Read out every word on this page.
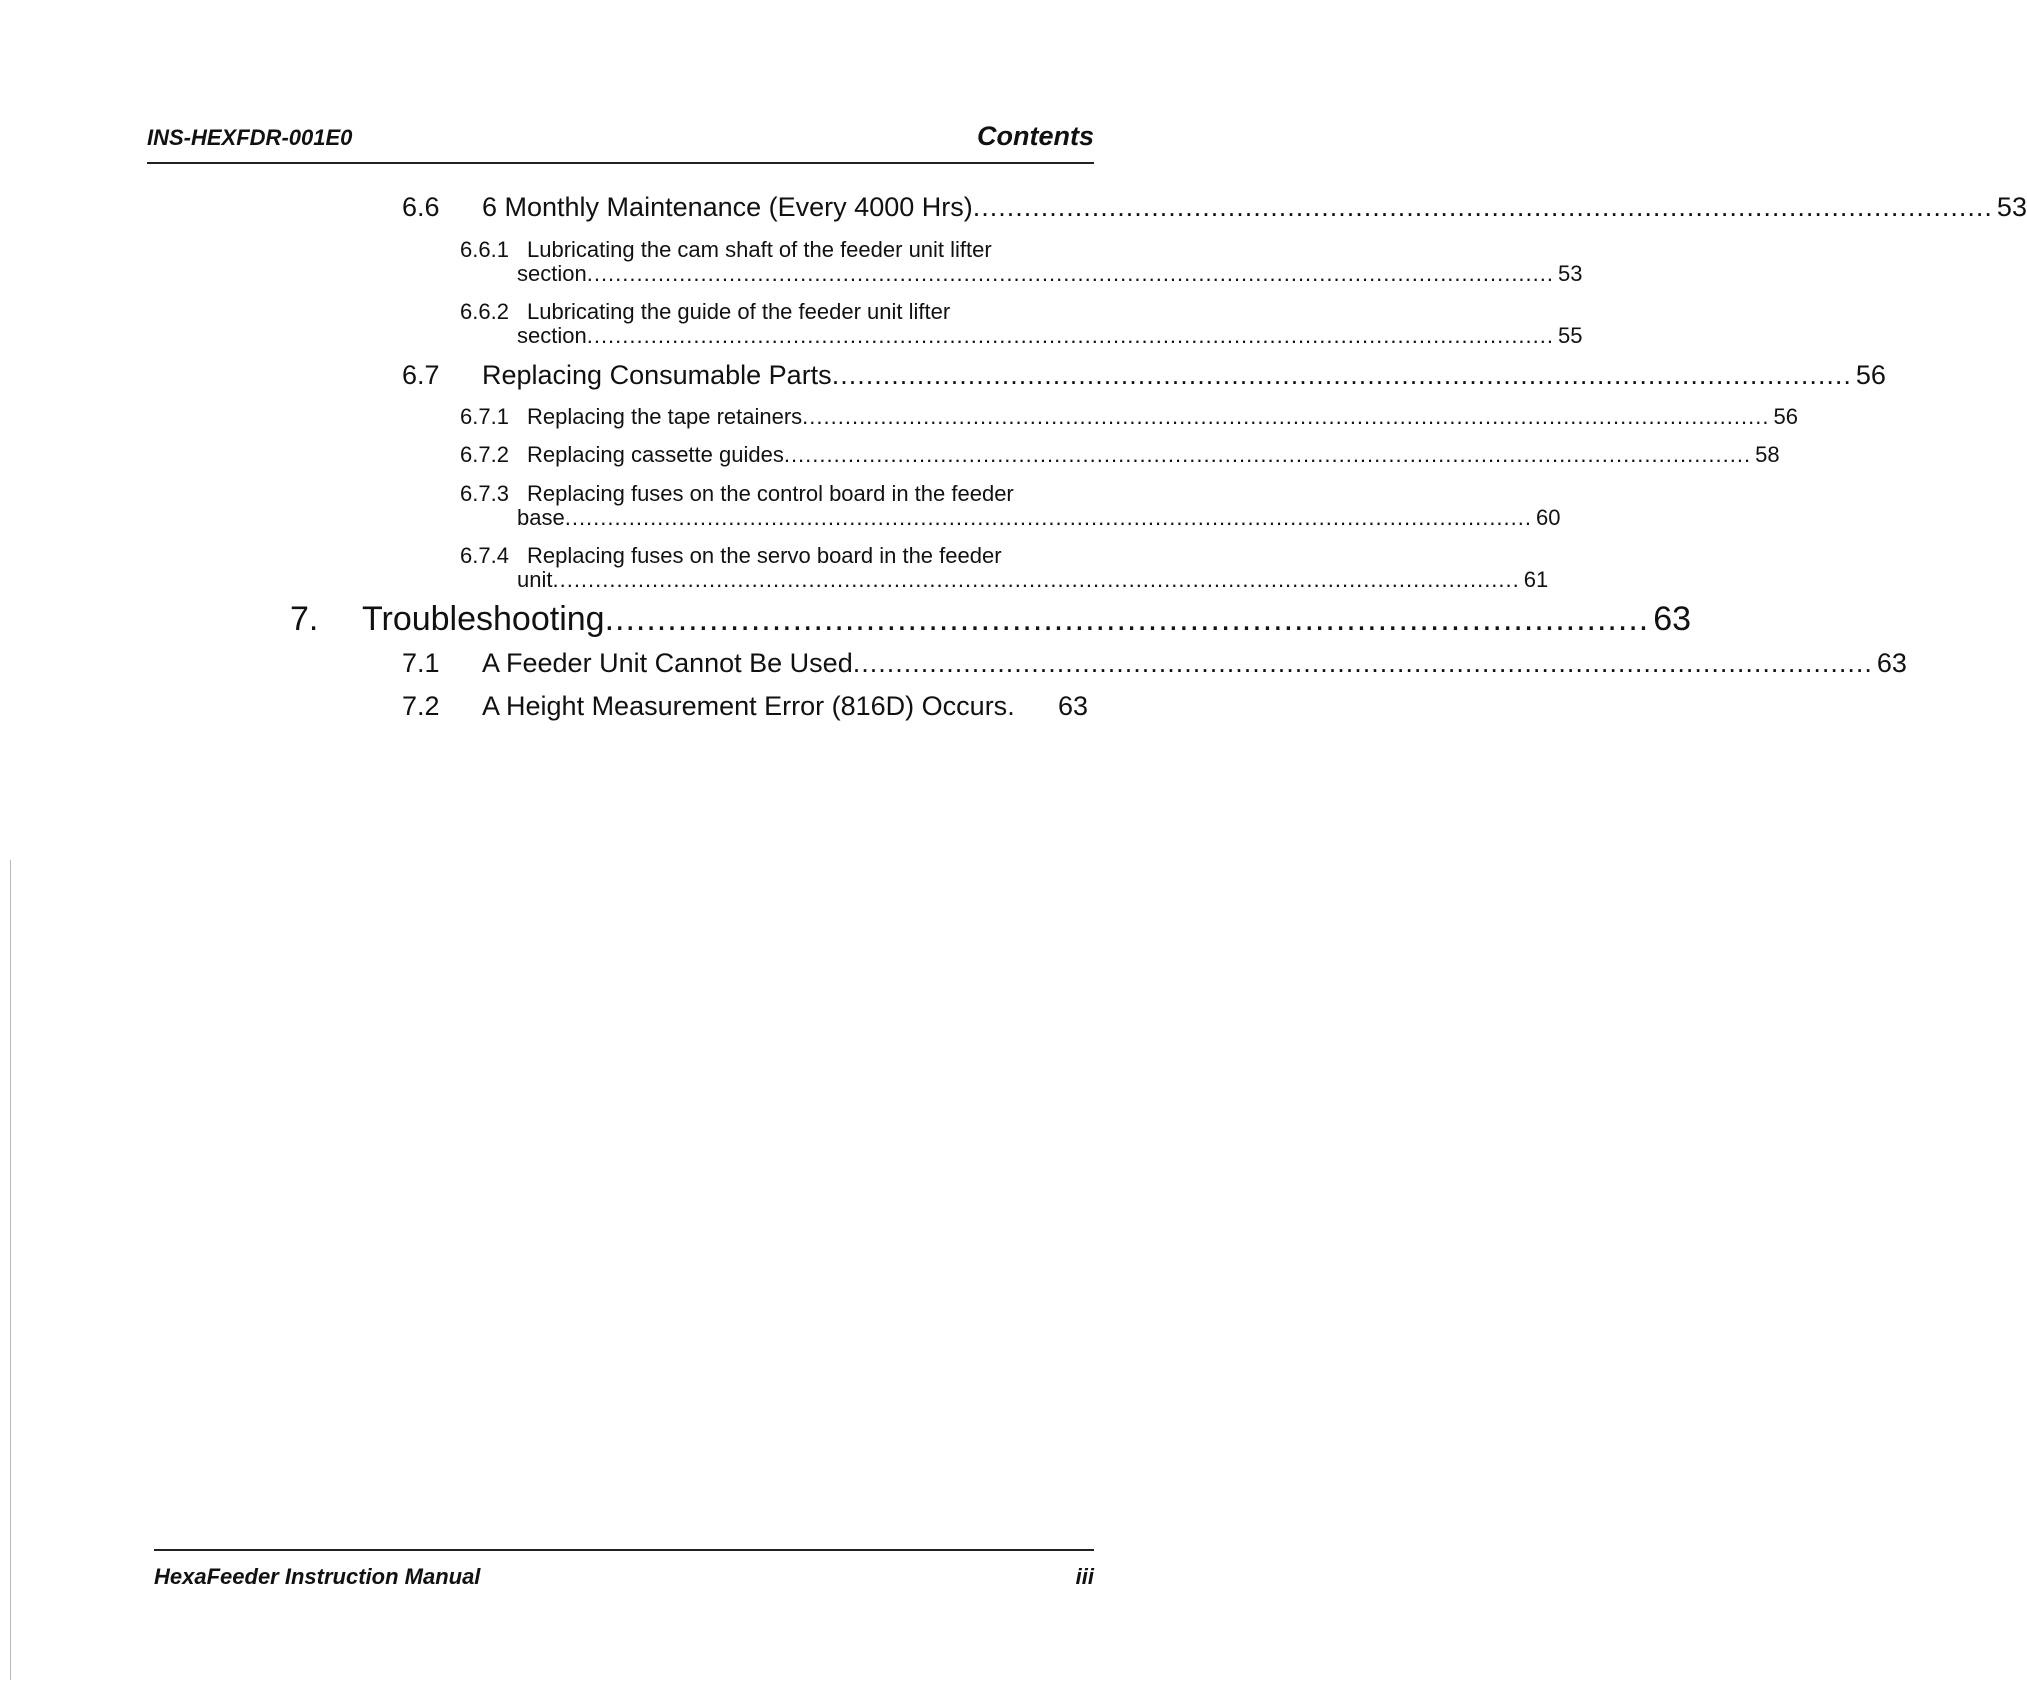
INS-HEXFDR-001E0	Contents
6.6 6 Monthly Maintenance (Every 4000 Hrs) ........................................................................................................................ 53
6.6.1 Lubricating the cam shaft of the feeder unit lifter
section ........................................................................................................................................ 53
6.6.2 Lubricating the guide of the feeder unit lifter
section ........................................................................................................................................ 55
6.7 Replacing Consumable Parts ........................................................................................................................ 56
6.7.1 Replacing the tape retainers ........................................................................................................................................ 56
6.7.2 Replacing cassette guides ........................................................................................................................................ 58
6.7.3 Replacing fuses on the control board in the feeder
base ........................................................................................................................................ 60
6.7.4 Replacing fuses on the servo board in the feeder
unit ........................................................................................................................................ 61
7. Troubleshooting .................................................................................................... 63
7.1 A Feeder Unit Cannot Be Used ........................................................................................................................ 63
7.2 A Height Measurement Error (816D) Occurs .	63
HexaFeeder Instruction Manual	iii
